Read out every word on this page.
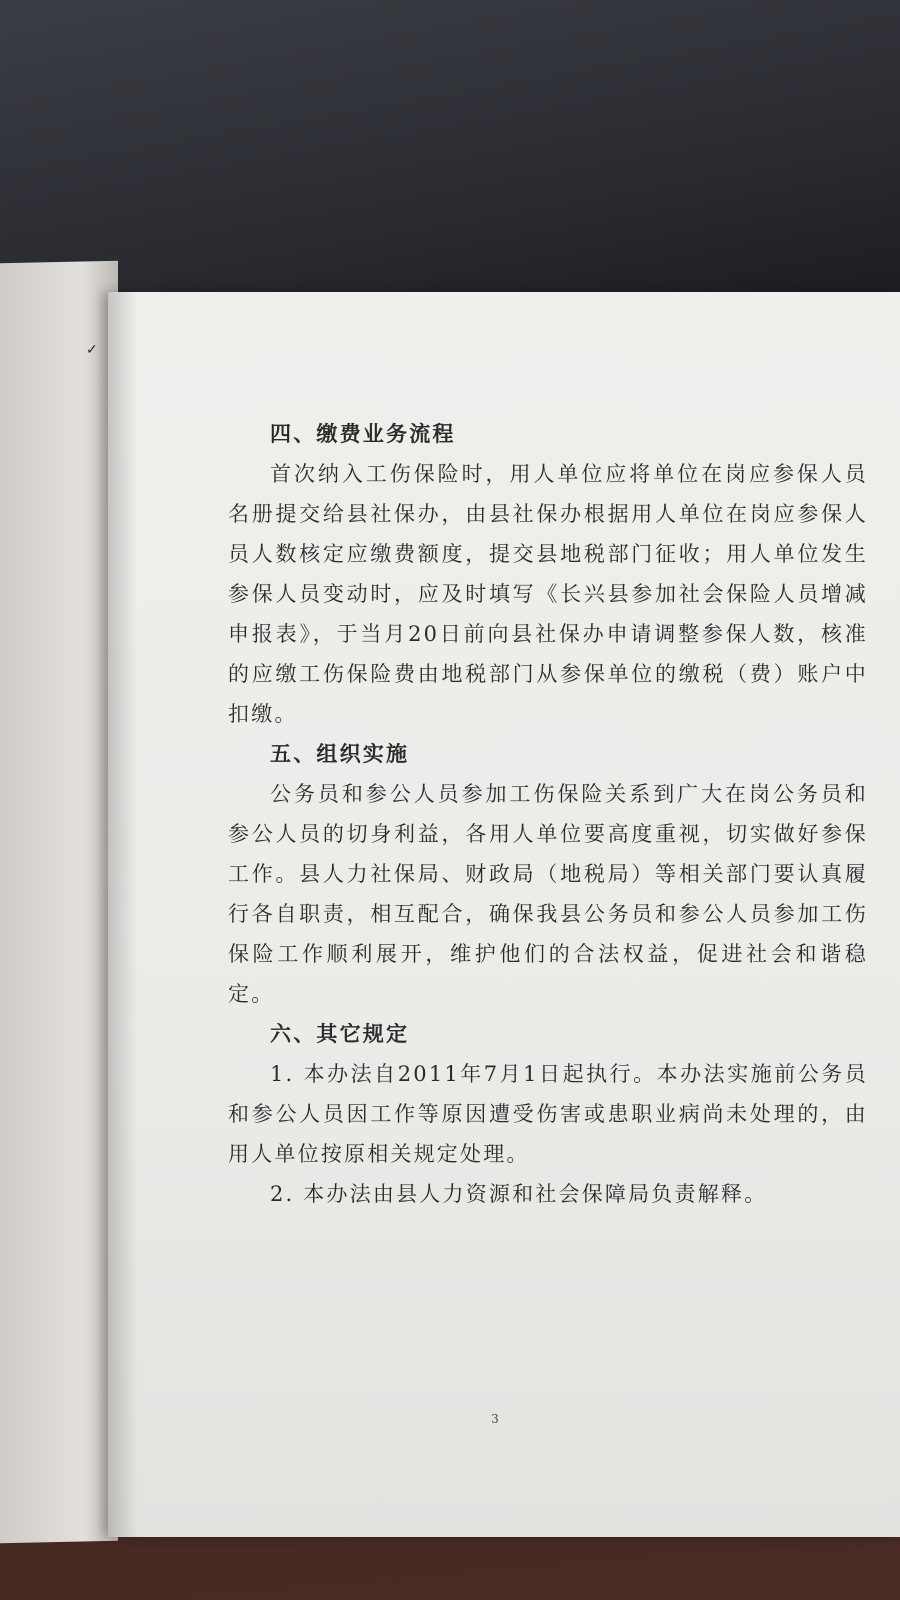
✓

四、缴费业务流程

首次纳入工伤保险时，用人单位应将单位在岗应参保人员名册提交给县社保办，由县社保办根据用人单位在岗应参保人员人数核定应缴费额度，提交县地税部门征收；用人单位发生参保人员变动时，应及时填写《长兴县参加社会保险人员增减申报表》，于当月20日前向县社保办申请调整参保人数，核准的应缴工伤保险费由地税部门从参保单位的缴税（费）账户中扣缴。

五、组织实施

公务员和参公人员参加工伤保险关系到广大在岗公务员和参公人员的切身利益，各用人单位要高度重视，切实做好参保工作。县人力社保局、财政局（地税局）等相关部门要认真履行各自职责，相互配合，确保我县公务员和参公人员参加工伤保险工作顺利展开，维护他们的合法权益，促进社会和谐稳定。

六、其它规定

1. 本办法自2011年7月1日起执行。本办法实施前公务员和参公人员因工作等原因遭受伤害或患职业病尚未处理的，由用人单位按原相关规定处理。

2. 本办法由县人力资源和社会保障局负责解释。

3
